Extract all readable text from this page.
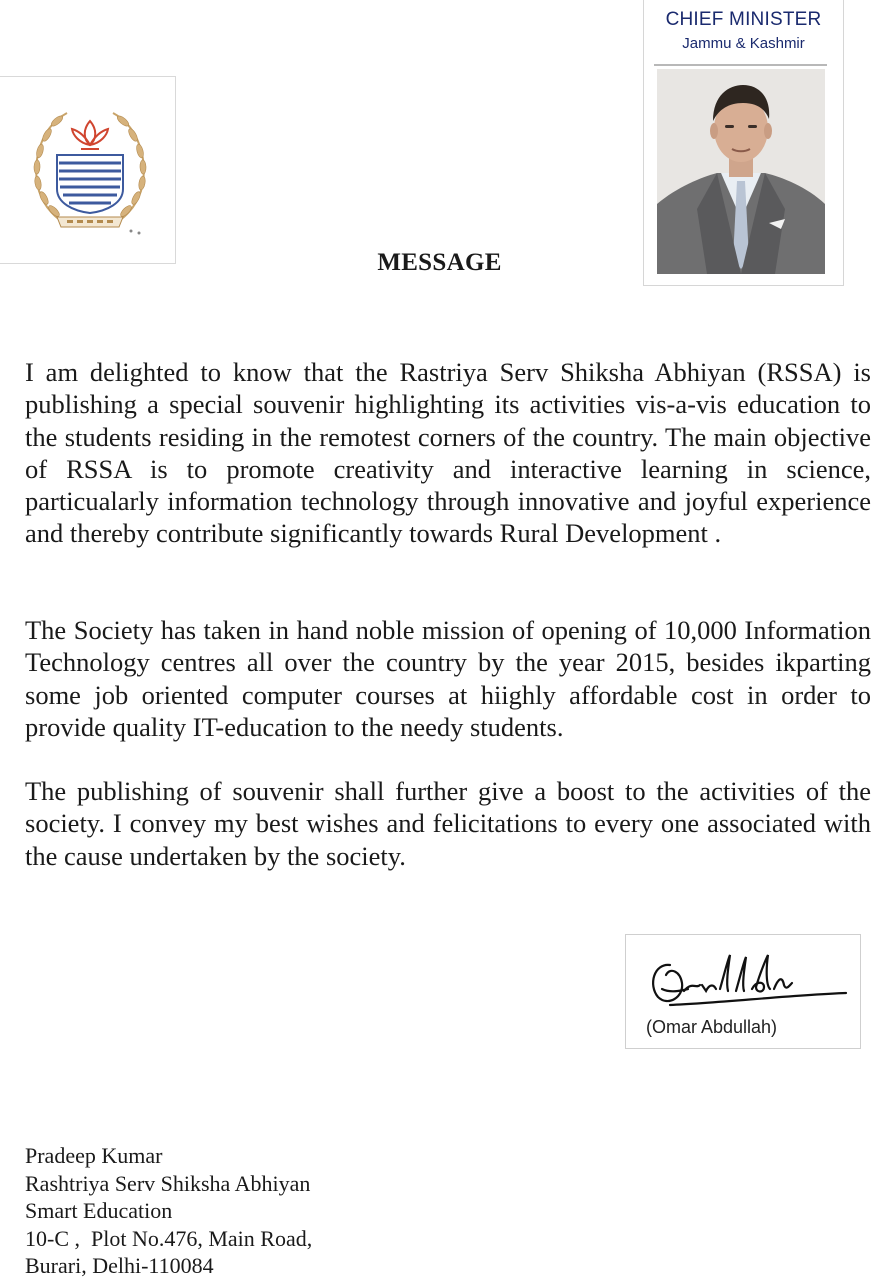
CHIEF MINISTER
Jammu & Kashmir
MESSAGE

I am delighted to know that the Rastriya Serv Shiksha Abhiyan (RSSA) is publishing a special souvenir highlighting its activities vis-a-vis education to the students residing in the remotest corners of the country. The main objective of RSSA is to promote creativity and interactive learning in science, particualarly information technology through innovative and joyful experience and thereby contribute significantly towards Rural Development .

The Society has taken in hand noble mission of opening of 10,000 Information Technology centres all over the country by the year 2015, besides ikparting some job oriented computer courses at hiighly affordable cost in order to provide quality IT-education to the needy students.

The publishing of souvenir shall further give a boost to the activities of the society. I convey my best wishes and felicitations to every one associated with the cause undertaken by the society.

(Omar Abdullah)
Pradeep Kumar
Rashtriya Serv Shiksha Abhiyan
Smart Education
10-C ,  Plot No.476, Main Road,
Burari, Delhi-110084
